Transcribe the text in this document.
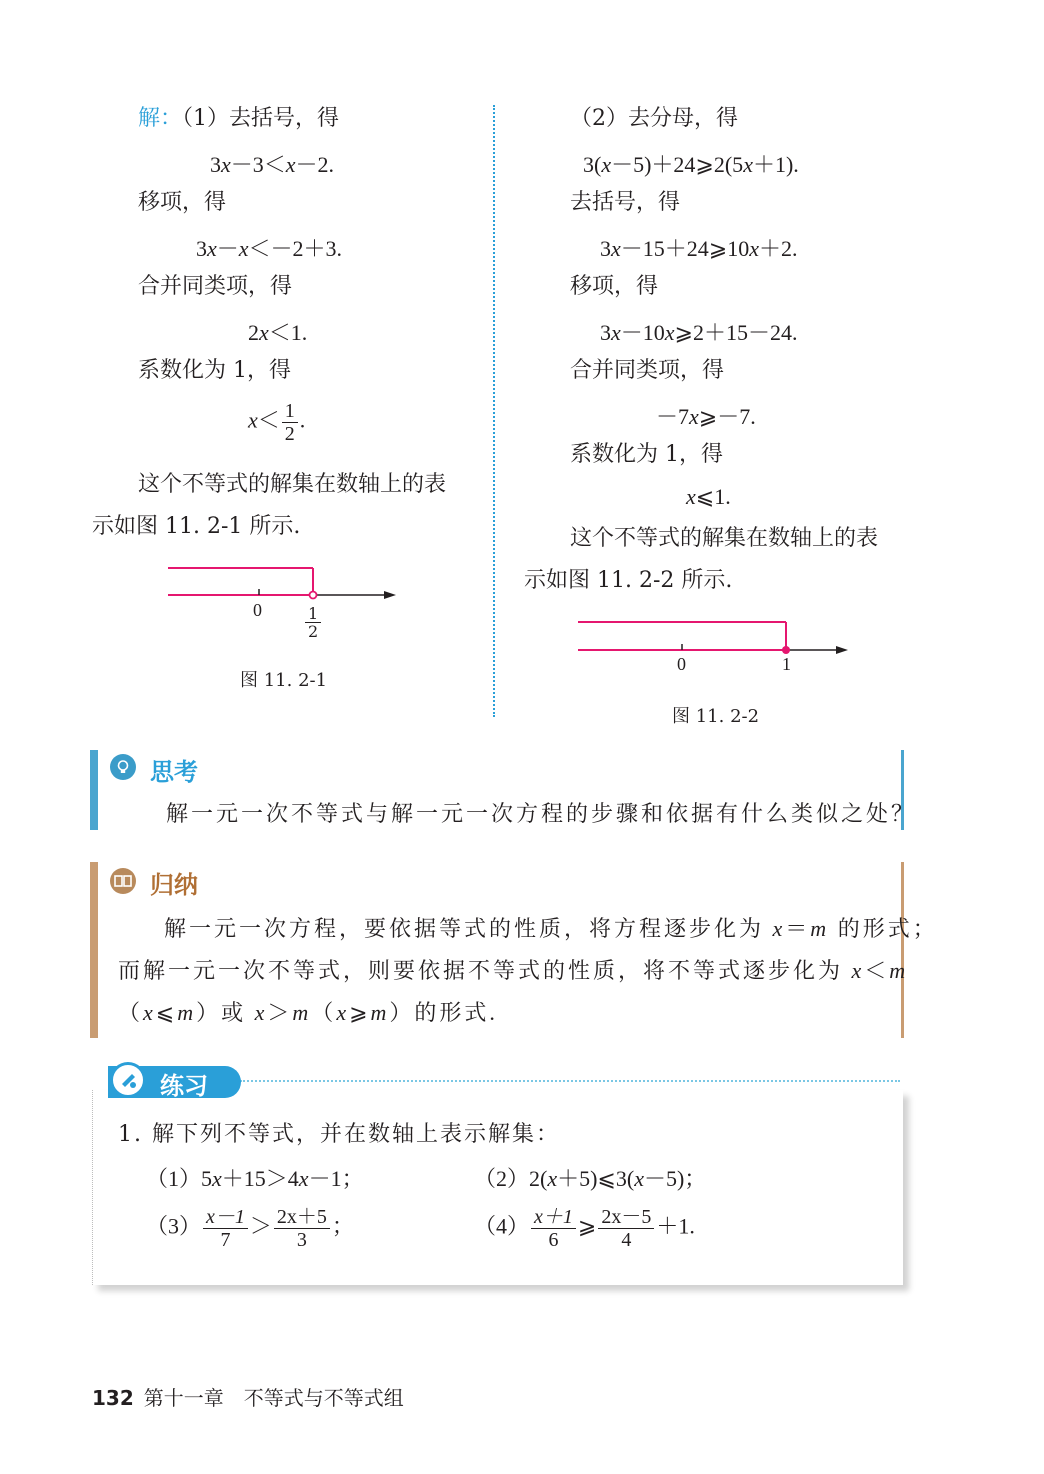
解：（1）去括号，得
3x－3＜x－2.
移项，得
3x－x＜－2＋3.
合并同类项，得
2x＜1.
系数化为 1，得
$x< \frac{1}{2}$ .
这个不等式的解集在数轴上的表
示如图 11. 2-1 所示.
0	$\frac{1}{2}$
图 11. 2-1
（2）去分母，得
3(x－5)＋24⩾2(5x＋1).
去括号，得
3x－15＋24⩾10x＋2.
移项，得
3x－10x⩾2＋15－24.
合并同类项，得
－7x⩾－7.
系数化为 1，得
x⩽1.
这个不等式的解集在数轴上的表
示如图 11. 2-2 所示.
0	1
图 11. 2-2
思考
解一元一次不等式与解一元一次方程的步骤和依据有什么类似之处？
归纳
解一元一次方程，要依据等式的性质，将方程逐步化为 x＝m 的形式；
而解一元一次不等式，则要依据不等式的性质，将不等式逐步化为 x＜m
（x⩽m）或 x＞m（x⩾m）的形式.
练习
1. 解下列不等式，并在数轴上表示解集：
（1）5x＋15＞4x－1；	（2）2(x＋5)⩽3(x－5)；
$(3) \frac{x-1}{7} > \frac{2x+5}{3}$ ；	$(4) \frac{x+1}{6}$ ⩾ $\frac{2x-5}{4} +1$.
132 第十一章　不等式与不等式组
